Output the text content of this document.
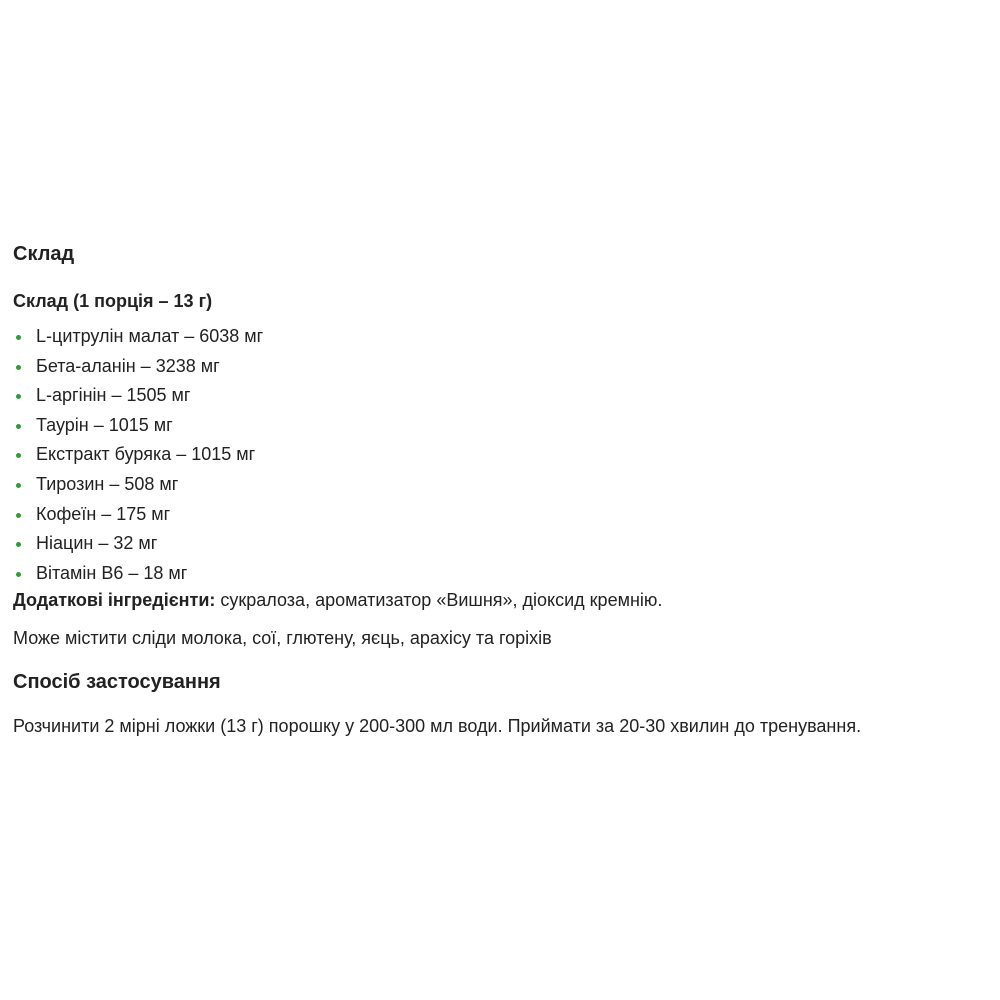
Склад
Склад (1 порція – 13 г)
L-цитрулін малат – 6038 мг
Бета-аланін – 3238 мг
L-аргінін – 1505 мг
Таурін – 1015 мг
Екстракт буряка – 1015 мг
Тирозин – 508 мг
Кофеїн – 175 мг
Ніацин – 32 мг
Вітамін В6 – 18 мг

Додаткові інгредієнти: сукралоза, ароматизатор «Вишня», діоксид кремнію.

Може містити сліди молока, сої, глютену, яєць, арахісу та горіхів

Спосіб застосування

Розчинити 2 мірні ложки (13 г) порошку у 200-300 мл води. Приймати за 20-30 хвилин до тренування.
